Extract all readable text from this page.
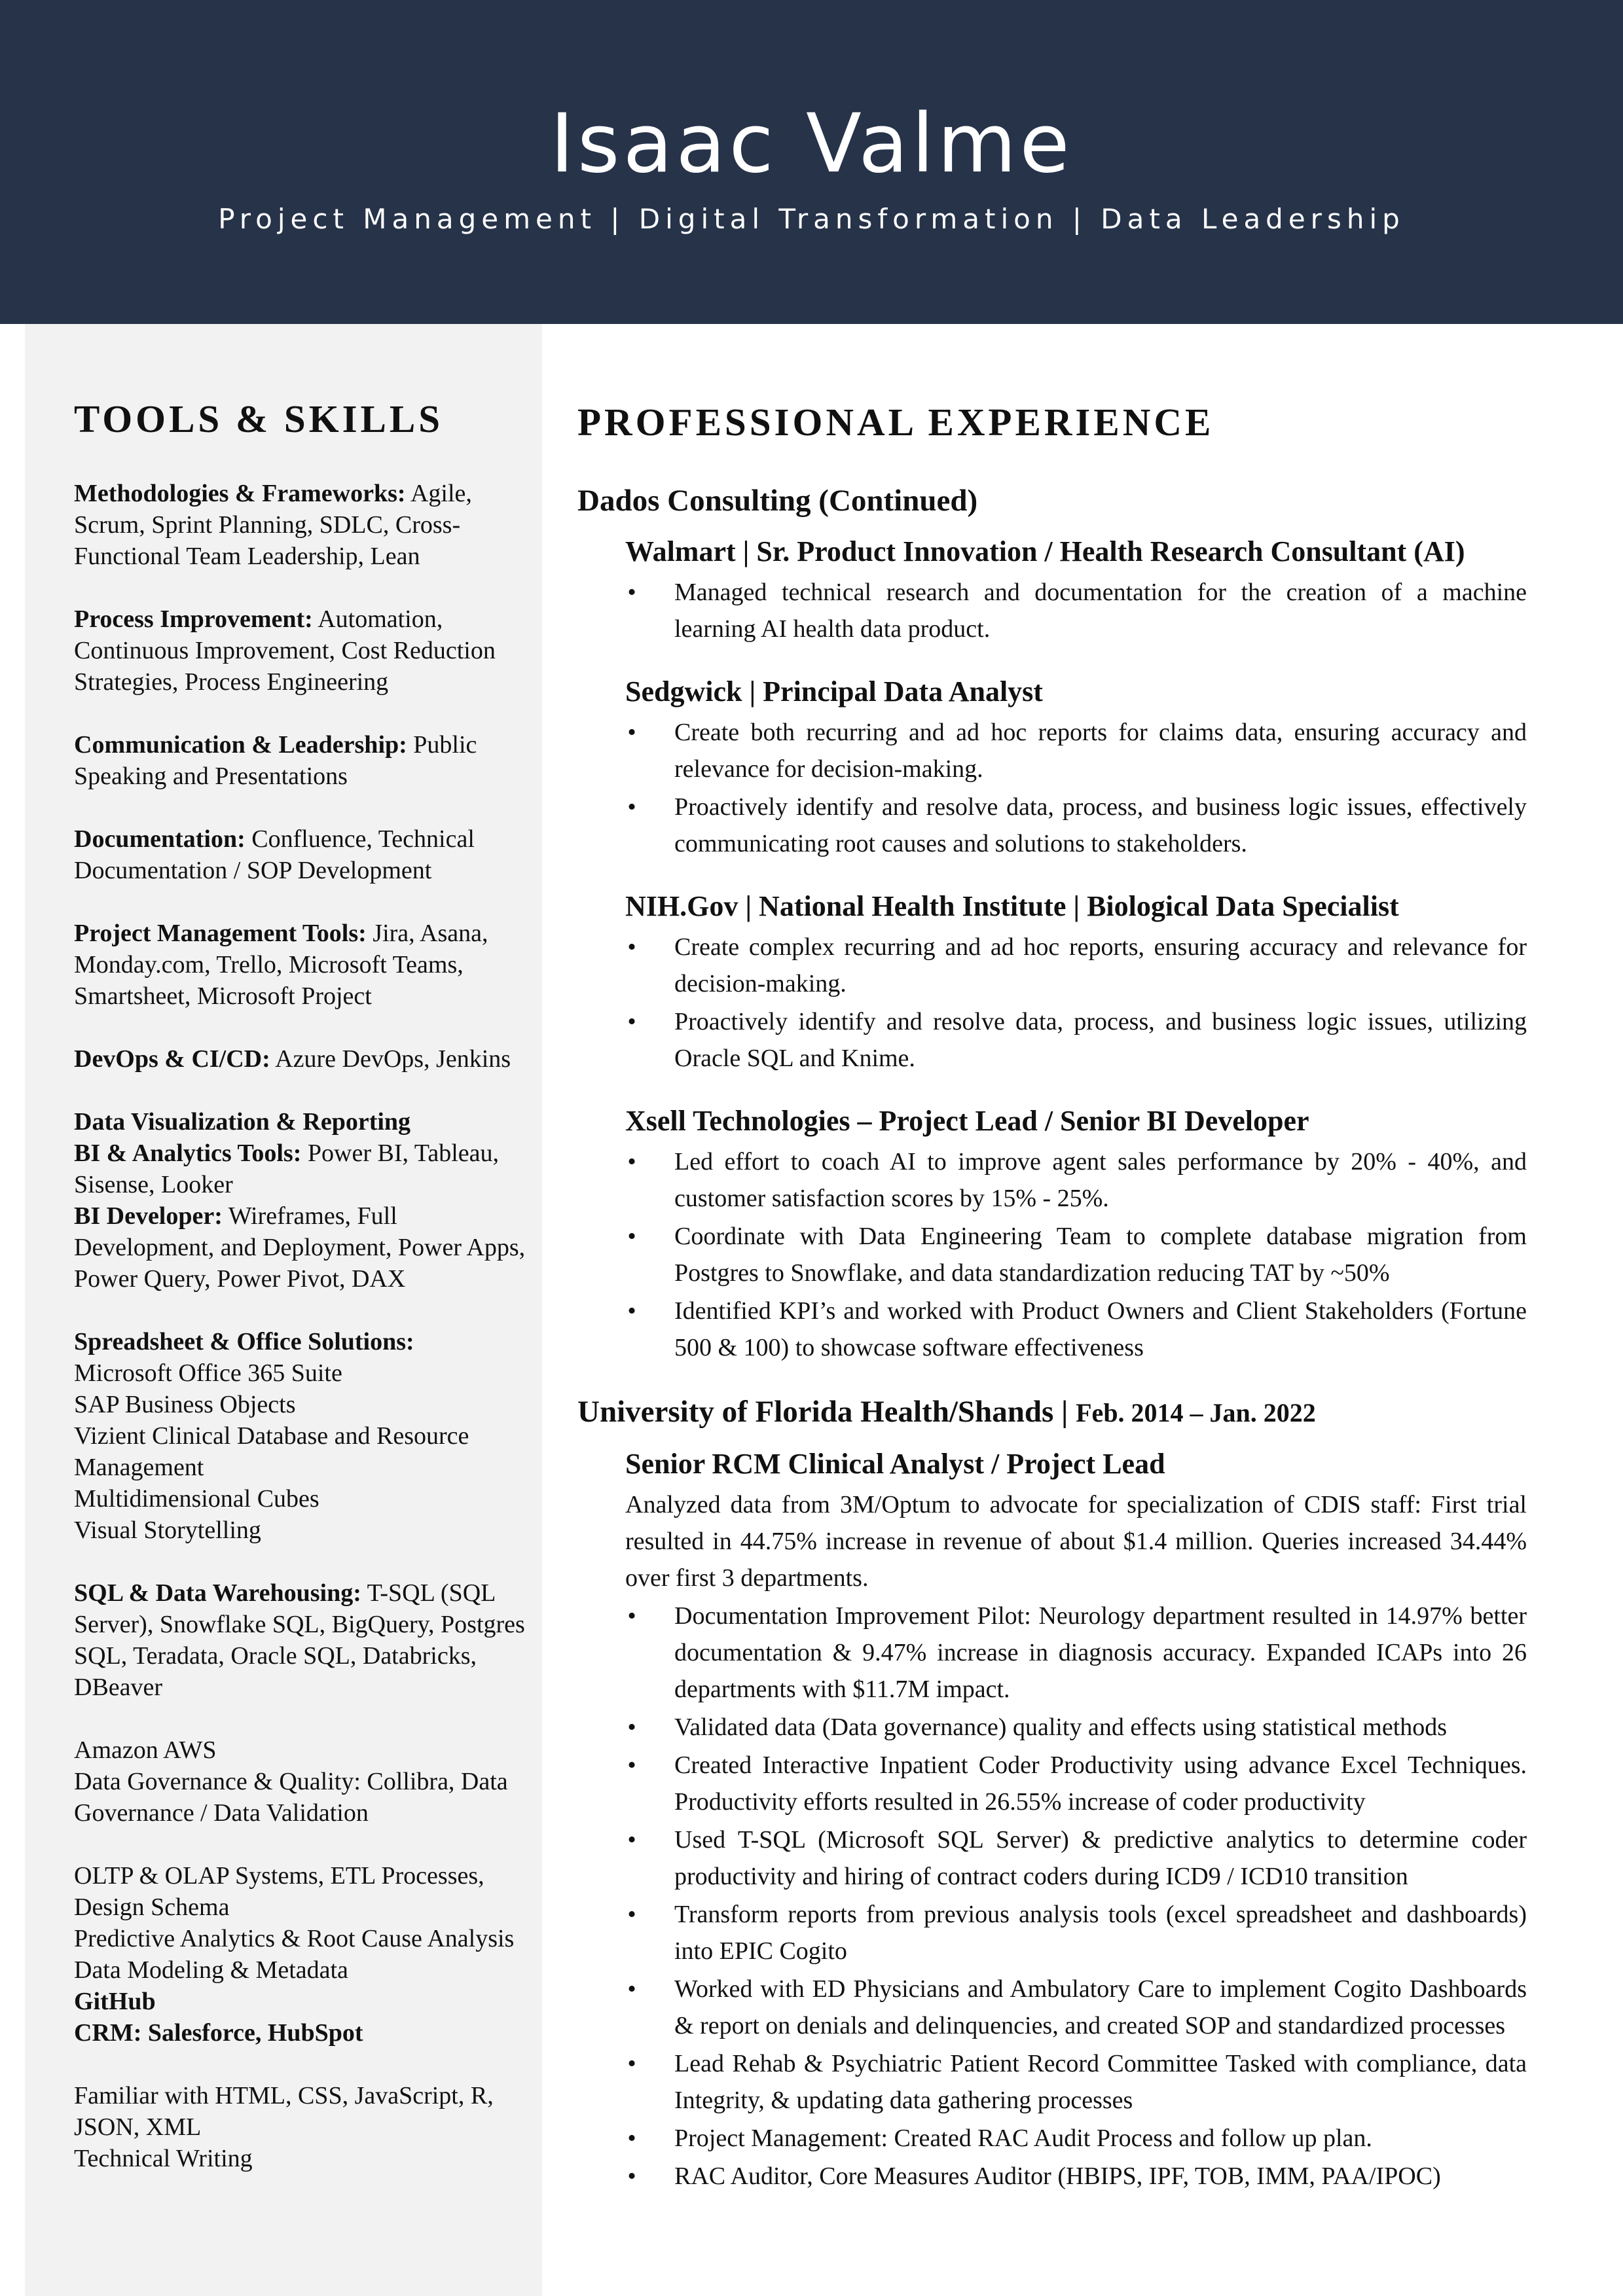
Isaac Valme
Project Management | Digital Transformation | Data Leadership
TOOLS & SKILLS
Methodologies & Frameworks: Agile, Scrum, Sprint Planning, SDLC, Cross-Functional Team Leadership, Lean
Process Improvement: Automation, Continuous Improvement, Cost Reduction Strategies, Process Engineering
Communication & Leadership: Public Speaking and Presentations
Documentation: Confluence, Technical Documentation / SOP Development
Project Management Tools: Jira, Asana, Monday.com, Trello, Microsoft Teams, Smartsheet, Microsoft Project
DevOps & CI/CD: Azure DevOps, Jenkins
Data Visualization & Reporting
BI & Analytics Tools: Power BI, Tableau, Sisense, Looker
BI Developer: Wireframes, Full Development, and Deployment, Power Apps, Power Query, Power Pivot, DAX
Spreadsheet & Office Solutions:
Microsoft Office 365 Suite
SAP Business Objects
Vizient Clinical Database and Resource Management
Multidimensional Cubes
Visual Storytelling
SQL & Data Warehousing: T-SQL (SQL Server), Snowflake SQL, BigQuery, Postgres SQL, Teradata, Oracle SQL, Databricks, DBeaver
Amazon AWS
Data Governance & Quality: Collibra, Data Governance / Data Validation
OLTP & OLAP Systems, ETL Processes, Design Schema
Predictive Analytics & Root Cause Analysis
Data Modeling & Metadata
GitHub
CRM: Salesforce, HubSpot
Familiar with HTML, CSS, JavaScript, R, JSON, XML
Technical Writing
PROFESSIONAL EXPERIENCE
Dados Consulting (Continued)
Walmart | Sr. Product Innovation / Health Research Consultant (AI)
• Managed technical research and documentation for the creation of a machine learning AI health data product.
Sedgwick | Principal Data Analyst
• Create both recurring and ad hoc reports for claims data, ensuring accuracy and relevance for decision-making.
• Proactively identify and resolve data, process, and business logic issues, effectively communicating root causes and solutions to stakeholders.
NIH.Gov | National Health Institute | Biological Data Specialist
• Create complex recurring and ad hoc reports, ensuring accuracy and relevance for decision-making.
• Proactively identify and resolve data, process, and business logic issues, utilizing Oracle SQL and Knime.
Xsell Technologies – Project Lead / Senior BI Developer
• Led effort to coach AI to improve agent sales performance by 20% - 40%, and customer satisfaction scores by 15% - 25%.
• Coordinate with Data Engineering Team to complete database migration from Postgres to Snowflake, and data standardization reducing TAT by ~50%
• Identified KPI’s and worked with Product Owners and Client Stakeholders (Fortune 500 & 100) to showcase software effectiveness
University of Florida Health/Shands | Feb. 2014 – Jan. 2022
Senior RCM Clinical Analyst / Project Lead
Analyzed data from 3M/Optum to advocate for specialization of CDIS staff: First trial resulted in 44.75% increase in revenue of about $1.4 million. Queries increased 34.44% over first 3 departments.
• Documentation Improvement Pilot: Neurology department resulted in 14.97% better documentation & 9.47% increase in diagnosis accuracy. Expanded ICAPs into 26 departments with $11.7M impact.
• Validated data (Data governance) quality and effects using statistical methods
• Created Interactive Inpatient Coder Productivity using advance Excel Techniques. Productivity efforts resulted in 26.55% increase of coder productivity
• Used T-SQL (Microsoft SQL Server) & predictive analytics to determine coder productivity and hiring of contract coders during ICD9 / ICD10 transition
• Transform reports from previous analysis tools (excel spreadsheet and dashboards) into EPIC Cogito
• Worked with ED Physicians and Ambulatory Care to implement Cogito Dashboards & report on denials and delinquencies, and created SOP and standardized processes
• Lead Rehab & Psychiatric Patient Record Committee Tasked with compliance, data Integrity, & updating data gathering processes
• Project Management: Created RAC Audit Process and follow up plan.
• RAC Auditor, Core Measures Auditor (HBIPS, IPF, TOB, IMM, PAA/IPOC)
